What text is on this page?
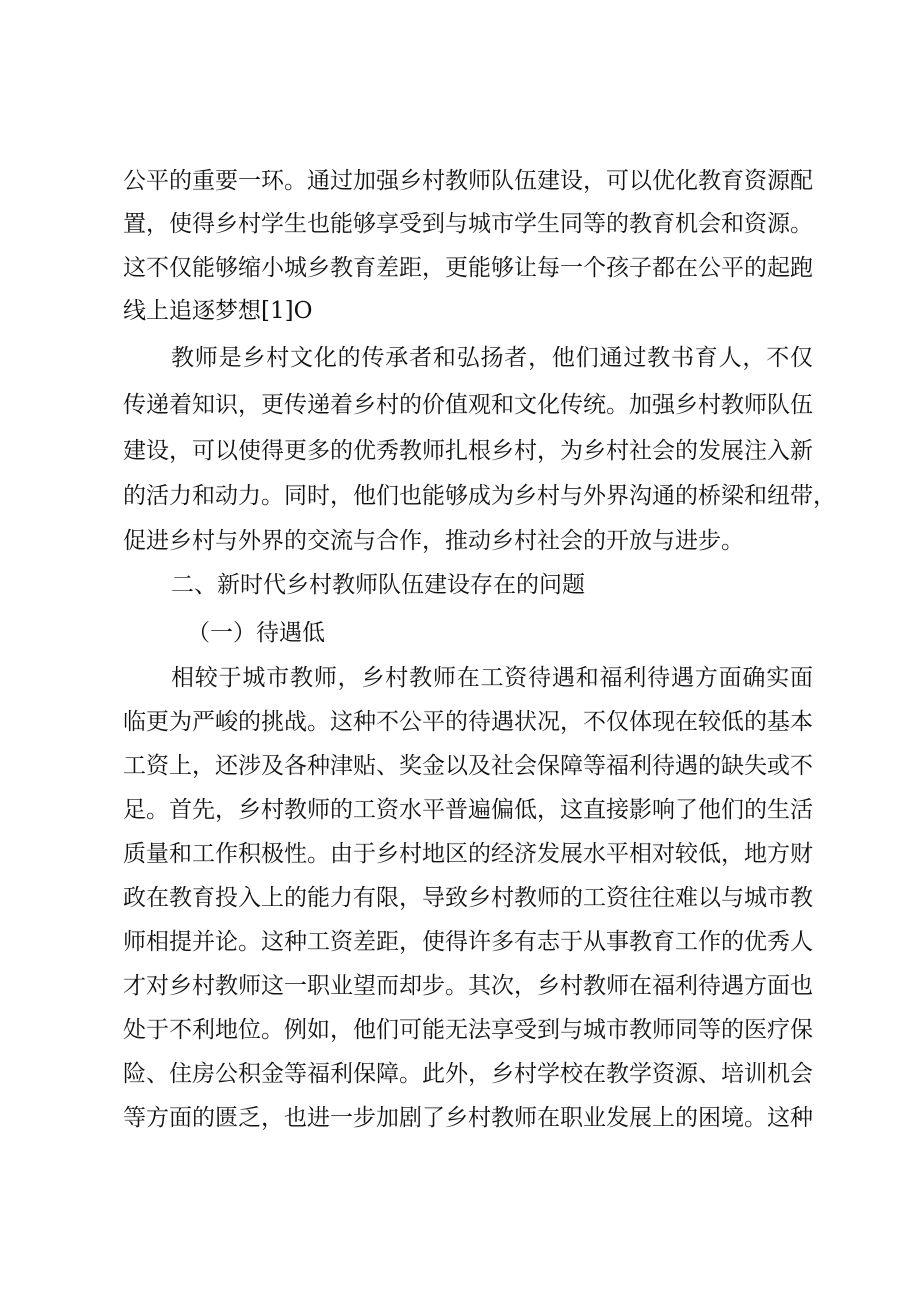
公平的重要一环。通过加强乡村教师队伍建设，可以优化教育资源配
置，使得乡村学生也能够享受到与城市学生同等的教育机会和资源。
这不仅能够缩小城乡教育差距，更能够让每一个孩子都在公平的起跑
线上追逐梦想[1]O
教师是乡村文化的传承者和弘扬者，他们通过教书育人，不仅
传递着知识，更传递着乡村的价值观和文化传统。加强乡村教师队伍
建设，可以使得更多的优秀教师扎根乡村，为乡村社会的发展注入新
的活力和动力。同时，他们也能够成为乡村与外界沟通的桥梁和纽带，
促进乡村与外界的交流与合作，推动乡村社会的开放与进步。
二、新时代乡村教师队伍建设存在的问题
（一）待遇低
相较于城市教师，乡村教师在工资待遇和福利待遇方面确实面
临更为严峻的挑战。这种不公平的待遇状况，不仅体现在较低的基本
工资上，还涉及各种津贴、奖金以及社会保障等福利待遇的缺失或不
足。首先，乡村教师的工资水平普遍偏低，这直接影响了他们的生活
质量和工作积极性。由于乡村地区的经济发展水平相对较低，地方财
政在教育投入上的能力有限，导致乡村教师的工资往往难以与城市教
师相提并论。这种工资差距，使得许多有志于从事教育工作的优秀人
才对乡村教师这一职业望而却步。其次，乡村教师在福利待遇方面也
处于不利地位。例如，他们可能无法享受到与城市教师同等的医疗保
险、住房公积金等福利保障。此外，乡村学校在教学资源、培训机会
等方面的匮乏，也进一步加剧了乡村教师在职业发展上的困境。这种
